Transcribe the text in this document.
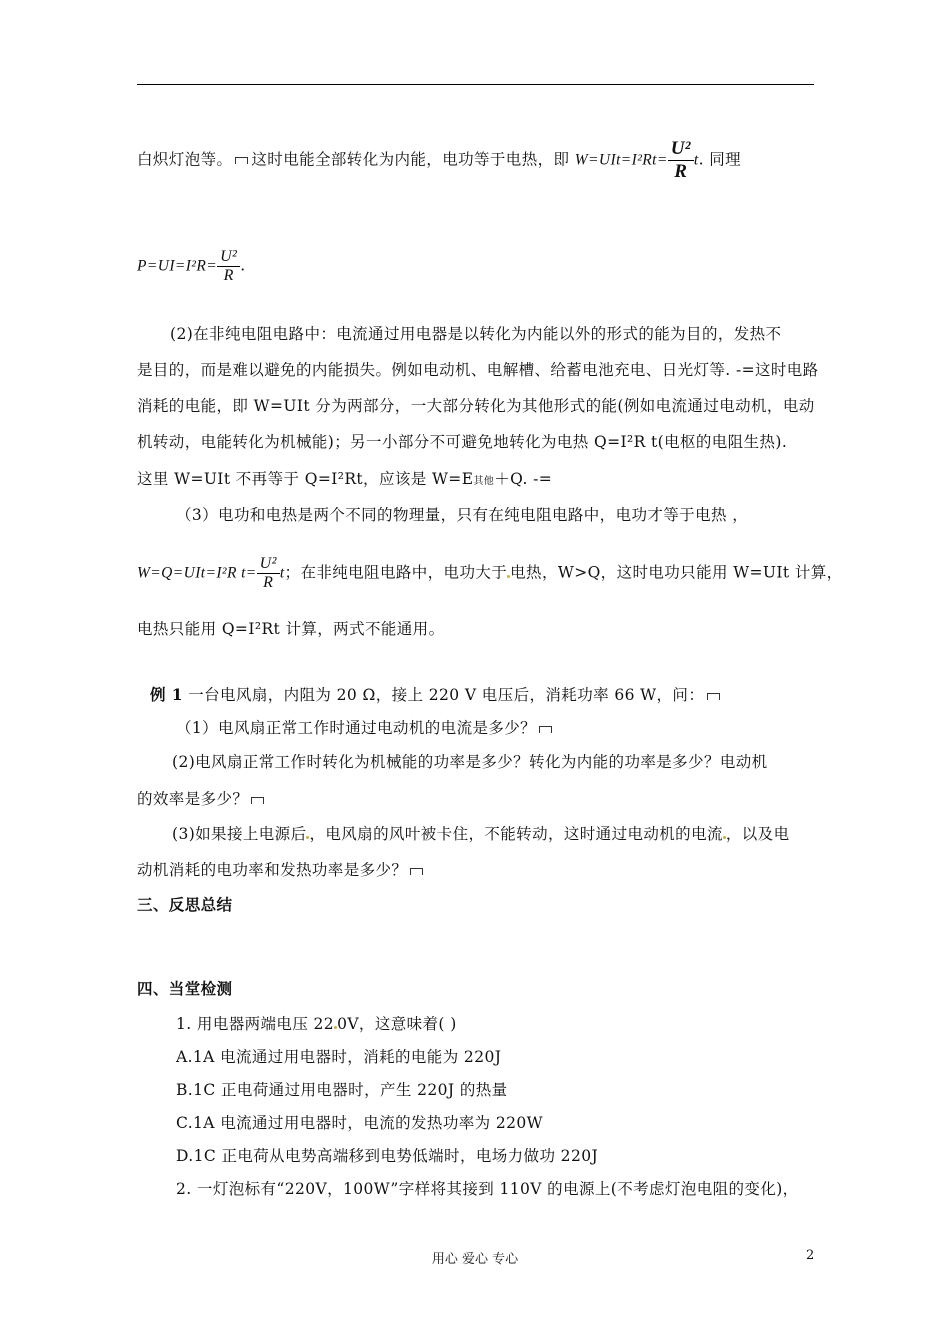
白炽灯泡等。 这时电能全部转化为内能，电功等于电热，即 $W=UIt=I^2Rt= \frac{\text{U²}}{R} t$. 同理
$P=UI=I^2R= \frac{\text{U²}}{R}$ .
(2)在非纯电阻电路中：电流通过用电器是以转化为内能以外的形式的能为目的，发热不
是目的，而是难以避免的内能损失。例如电动机、电解槽、给蓄电池充电、日光灯等. -=这时电路
消耗的电能，即 W=UIt 分为两部分，一大部分转化为其他形式的能(例如电流通过电动机，电动
机转动，电能转化为机械能)；另一小部分不可避免地转化为电热 Q=I²R t(电枢的电阻生热).
这里 W=UIt 不再等于 Q=I²Rt，应该是 W=E其他＋Q. -=
（3）电功和电热是两个不同的物理量，只有在纯电阻电路中，电功才等于电热 ，
W=Q=UIt=I²R $t= \frac{\text{U²}}{R}$ t；在非纯电阻电路中，电功大于 电热，W>Q，这时电功只能用 W=UIt 计算，
电热只能用 Q=I²Rt 计算，两式不能通用。
例 1 一台电风扇，内阻为 20 Ω，接上 220 V 电压后，消耗功率 66 W，问：
（1）电风扇正常工作时通过电动机的电流是多少？
(2)电风扇正常工作时转化为机械能的功率是多少？转化为内能的功率是多少？电动机
的效率是多少？
(3)如果接上电源后 ，电风扇的风叶被卡住，不能转动，这时通过电动机的电流 ，以及电
动机消耗的电功率和发热功率是多少？
三、反思总结
四、当堂检测
1. 用电器两端电压 22 0V，这意味着( )
A.1A 电流通过用电器时，消耗的电能为 220J
B.1C 正电荷通过用电器时，产生 220J 的热量
C.1A 电流通过用电器时，电流的发热功率为 220W
D.1C 正电荷从电势高端移到电势低端时，电场力做功 220J
2. 一灯泡标有“220V，100W”字样将其接到 110V 的电源上(不考虑灯泡电阻的变化)，
用心 爱心 专心	2
